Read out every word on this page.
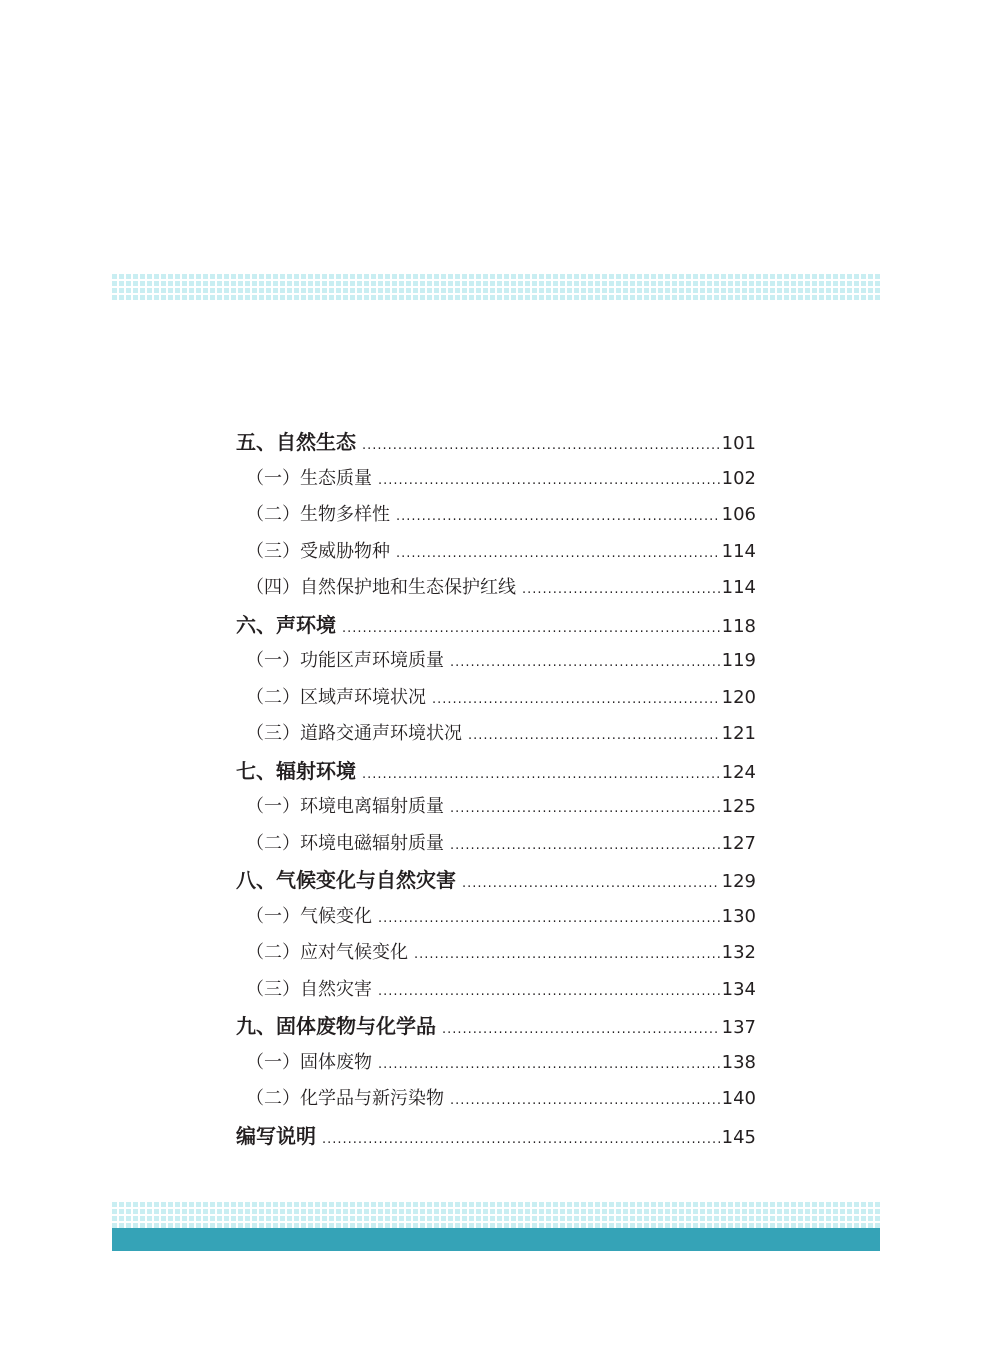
五、自然生态 .....	101
（一）生态质量 .....	102
（二）生物多样性 .....	106
（三）受威胁物种 .....	114
（四）自然保护地和生态保护红线 .....	114
六、声环境 .....	118
（一）功能区声环境质量 .....	119
（二）区域声环境状况 .....	120
（三）道路交通声环境状况 .....	121
七、辐射环境 .....	124
（一）环境电离辐射质量 .....	125
（二）环境电磁辐射质量 .....	127
八、气候变化与自然灾害 .....	129
（一）气候变化 .....	130
（二）应对气候变化 .....	132
（三）自然灾害 .....	134
九、固体废物与化学品 .....	137
（一）固体废物 .....	138
（二）化学品与新污染物 .....	140
编写说明 .....	145
